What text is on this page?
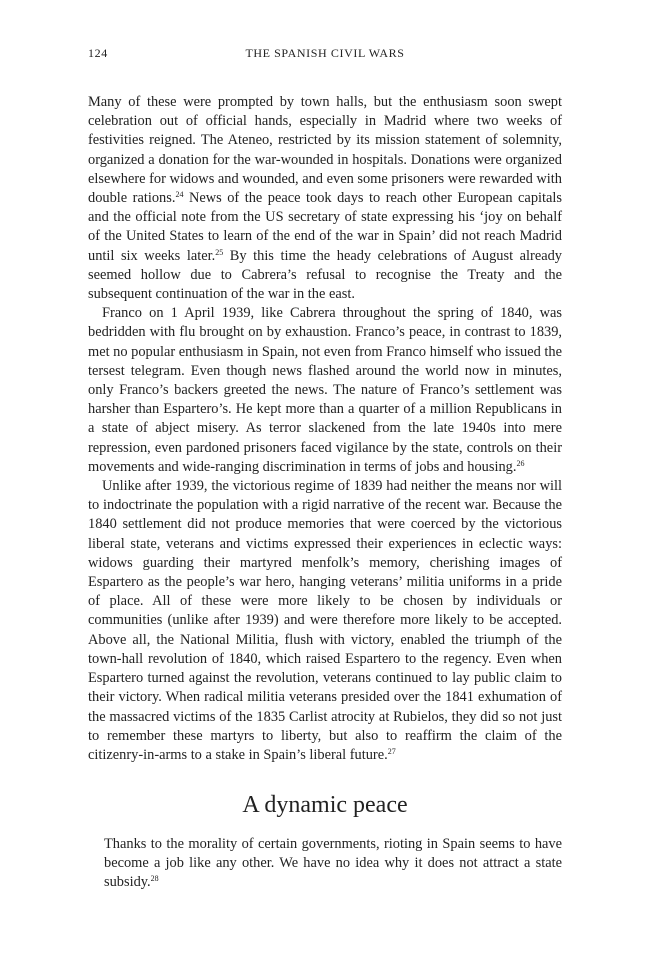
124	THE SPANISH CIVIL WARS

Many of these were prompted by town halls, but the enthusiasm soon swept celebration out of official hands, especially in Madrid where two weeks of festivities reigned. The Ateneo, restricted by its mission statement of solemnity, organized a donation for the war-wounded in hospitals. Donations were organized elsewhere for widows and wounded, and even some prisoners were rewarded with double rations.$^{24}$ News of the peace took days to reach other European capitals and the official note from the US secretary of state expressing his ‘joy on behalf of the United States to learn of the end of the war in Spain’ did not reach Madrid until six weeks later.$^{25}$ By this time the heady celebrations of August already seemed hollow due to Cabrera’s refusal to recognise the Treaty and the subsequent continuation of the war in the east.

Franco on 1 April 1939, like Cabrera throughout the spring of 1840, was bedridden with flu brought on by exhaustion. Franco’s peace, in contrast to 1839, met no popular enthusiasm in Spain, not even from Franco himself who issued the tersest telegram. Even though news flashed around the world now in minutes, only Franco’s backers greeted the news. The nature of Franco’s settlement was harsher than Espartero’s. He kept more than a quarter of a million Republicans in a state of abject misery. As terror slackened from the late 1940s into mere repression, even pardoned prisoners faced vigilance by the state, controls on their movements and wide-ranging discrimination in terms of jobs and housing.$^{26}$

Unlike after 1939, the victorious regime of 1839 had neither the means nor will to indoctrinate the population with a rigid narrative of the recent war. Because the 1840 settlement did not produce memories that were coerced by the victorious liberal state, veterans and victims expressed their experiences in eclectic ways: widows guarding their martyred menfolk’s memory, cherishing images of Espartero as the people’s war hero, hanging veterans’ militia uniforms in a pride of place. All of these were more likely to be chosen by individuals or communities (unlike after 1939) and were therefore more likely to be accepted. Above all, the National Militia, flush with victory, enabled the triumph of the town-hall revolution of 1840, which raised Espartero to the regency. Even when Espartero turned against the revolution, veterans continued to lay public claim to their victory. When radical militia veterans presided over the 1841 exhumation of the massacred victims of the 1835 Carlist atrocity at Rubielos, they did so not just to remember these martyrs to liberty, but also to reaffirm the claim of the citizenry-in-arms to a stake in Spain’s liberal future.$^{27}$

A dynamic peace

Thanks to the morality of certain governments, rioting in Spain seems to have become a job like any other. We have no idea why it does not attract a state subsidy.$^{28}$
